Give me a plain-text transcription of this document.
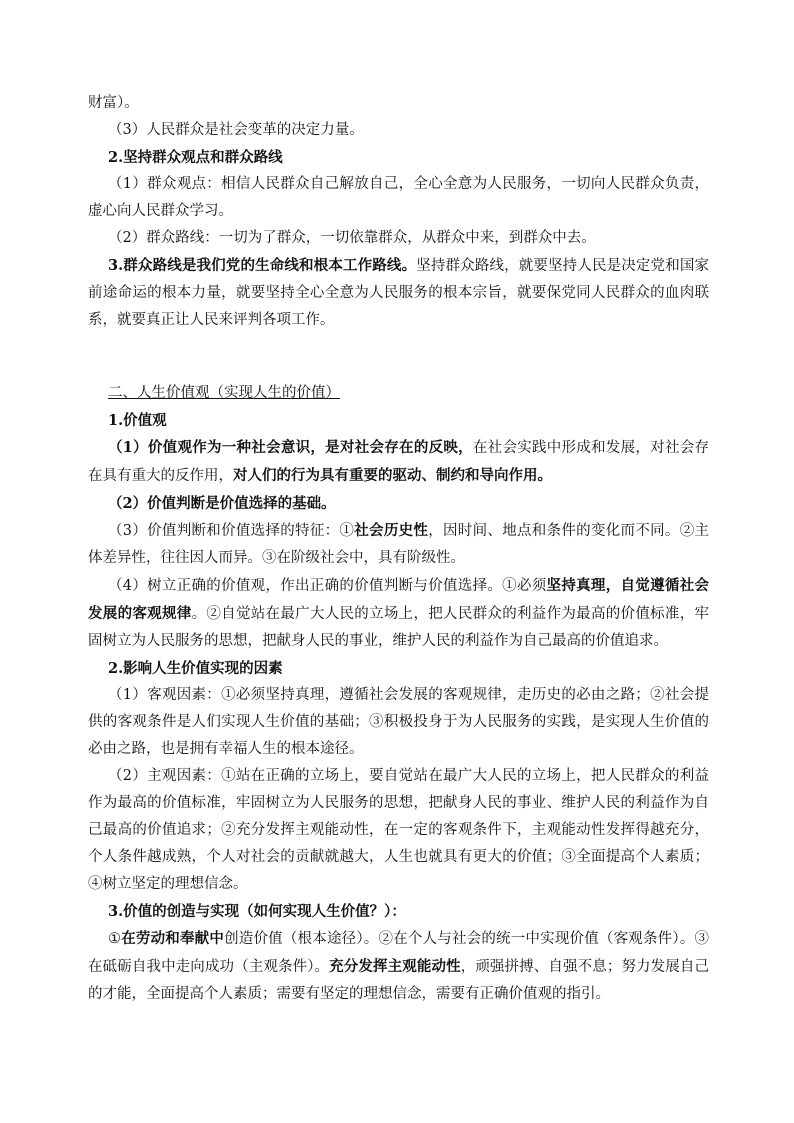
财富）。

（3）人民群众是社会变革的决定力量。

2.坚持群众观点和群众路线

（1）群众观点：相信人民群众自己解放自己，全心全意为人民服务，一切向人民群众负责，虚心向人民群众学习。

（2）群众路线：一切为了群众，一切依靠群众，从群众中来，到群众中去。

3.群众路线是我们党的生命线和根本工作路线。坚持群众路线，就要坚持人民是决定党和国家前途命运的根本力量，就要坚持全心全意为人民服务的根本宗旨，就要保党同人民群众的血肉联系，就要真正让人民来评判各项工作。

二、人生价值观（实现人生的价值）

1.价值观

（1）价值观作为一种社会意识，是对社会存在的反映，在社会实践中形成和发展，对社会存在具有重大的反作用，对人们的行为具有重要的驱动、制约和导向作用。

（2）价值判断是价值选择的基础。

（3）价值判断和价值选择的特征：①社会历史性，因时间、地点和条件的变化而不同。②主体差异性，往往因人而异。③在阶级社会中，具有阶级性。

（4）树立正确的价值观，作出正确的价值判断与价值选择。①必须坚持真理，自觉遵循社会发展的客观规律。②自觉站在最广大人民的立场上，把人民群众的利益作为最高的价值标准，牢固树立为人民服务的思想，把献身人民的事业，维护人民的利益作为自己最高的价值追求。

2.影响人生价值实现的因素

（1）客观因素：①必须坚持真理，遵循社会发展的客观规律，走历史的必由之路；②社会提供的客观条件是人们实现人生价值的基础；③积极投身于为人民服务的实践，是实现人生价值的必由之路，也是拥有幸福人生的根本途径。

（2）主观因素：①站在正确的立场上，要自觉站在最广大人民的立场上，把人民群众的利益作为最高的价值标准，牢固树立为人民服务的思想，把献身人民的事业、维护人民的利益作为自己最高的价值追求；②充分发挥主观能动性，在一定的客观条件下，主观能动性发挥得越充分，个人条件越成熟，个人对社会的贡献就越大，人生也就具有更大的价值；③全面提高个人素质；④树立坚定的理想信念。

3.价值的创造与实现（如何实现人生价值？）：

①在劳动和奉献中创造价值（根本途径）。②在个人与社会的统一中实现价值（客观条件）。③在砥砺自我中走向成功（主观条件）。充分发挥主观能动性，顽强拼搏、自强不息；努力发展自己的才能，全面提高个人素质；需要有坚定的理想信念，需要有正确价值观的指引。
